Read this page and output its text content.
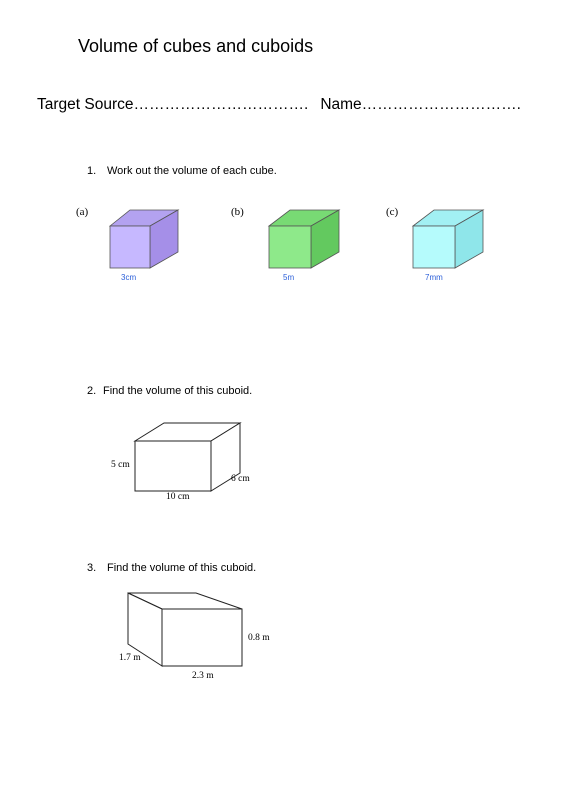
Volume of cubes and cuboids
Target Source……………………………. Name………………………….
1. Work out the volume of each cube.
(a)
3cm
(b)
5m
(c)
7mm
2. Find the volume of this cuboid.
5 cm
10 cm
6 cm
3. Find the volume of this cuboid.
0.8 m
2.3 m
1.7 m
